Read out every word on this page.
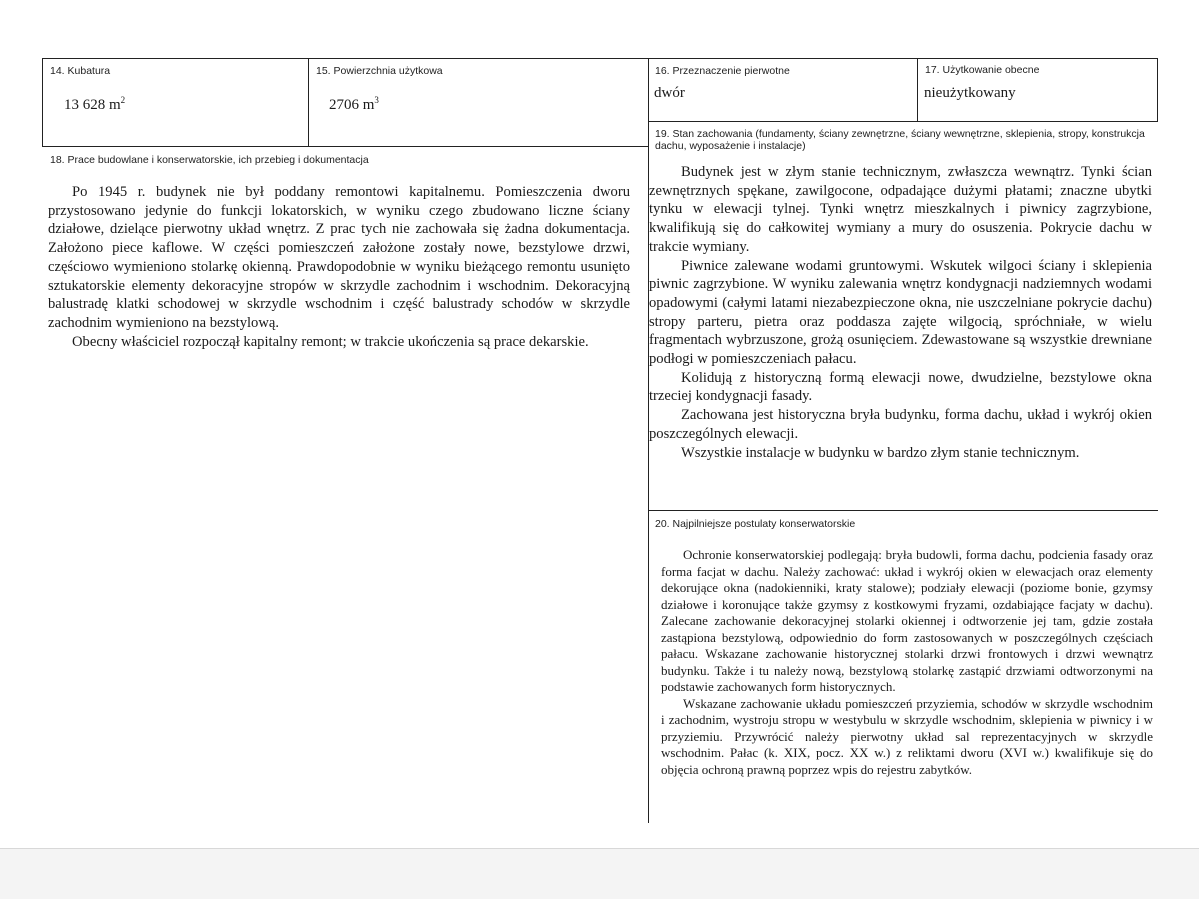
14. Kubatura
13 628 $m^2$
15. Powierzchnia użytkowa
2706 $m^3$
16. Przeznaczenie pierwotne
dwór
17. Użytkowanie obecne
nieużytkowany
18. Prace budowlane i konserwatorskie, ich przebieg i dokumentacja
Po 1945 r. budynek nie był poddany remontowi kapitalnemu. Pomieszczenia dworu przystosowano jedynie do funkcji lokatorskich, w wyniku czego zbudowano liczne ściany działowe, dzielące pierwotny układ wnętrz. Z prac tych nie zachowała się żadna dokumentacja. Założono piece kaflowe. W części pomieszczeń założone zostały nowe, bezstylowe drzwi, częściowo wymieniono stolarkę okienną. Prawdopodobnie w wyniku bieżącego remontu usunięto sztukatorskie elementy dekoracyjne stropów w skrzydle zachodnim i wschodnim. Dekoracyjną balustradę klatki schodowej w skrzydle wschodnim i część balustrady schodów w skrzydle zachodnim wymieniono na bezstylową.
Obecny właściciel rozpoczął kapitalny remont; w trakcie ukończenia są prace dekarskie.
19. Stan zachowania (fundamenty, ściany zewnętrzne, ściany wewnętrzne, sklepienia, stropy, konstrukcja dachu, wyposażenie i instalacje)
Budynek jest w złym stanie technicznym, zwłaszcza wewnątrz. Tynki ścian zewnętrznych spękane, zawilgocone, odpadające dużymi płatami; znaczne ubytki tynku w elewacji tylnej. Tynki wnętrz mieszkalnych i piwnicy zagrzybione, kwalifikują się do całkowitej wymiany a mury do osuszenia. Pokrycie dachu w trakcie wymiany.
Piwnice zalewane wodami gruntowymi. Wskutek wilgoci ściany i sklepienia piwnic zagrzybione. W wyniku zalewania wnętrz kondygnacji nadziemnych wodami opadowymi (całymi latami niezabezpieczone okna, nie uszczelniane pokrycie dachu) stropy parteru, pietra oraz poddasza zajęte wilgocią, spróchniałe, w wielu fragmentach wybrzuszone, grożą osunięciem. Zdewastowane są wszystkie drewniane podłogi w pomieszczeniach pałacu.
Kolidują z historyczną formą elewacji nowe, dwudzielne, bezstylowe okna trzeciej kondygnacji fasady.
Zachowana jest historyczna bryła budynku, forma dachu, układ i wykrój okien poszczególnych elewacji.
Wszystkie instalacje w budynku w bardzo złym stanie technicznym.
20. Najpilniejsze postulaty konserwatorskie
Ochronie konserwatorskiej podlegają: bryła budowli, forma dachu, podcienia fasady oraz forma facjat w dachu. Należy zachować: układ i wykrój okien w elewacjach oraz elementy dekorujące okna (nadokienniki, kraty stalowe); podziały elewacji (poziome bonie, gzymsy działowe i koronujące także gzymsy z kostkowymi fryzami, ozdabiające facjaty w dachu). Zalecane zachowanie dekoracyjnej stolarki okiennej i odtworzenie jej tam, gdzie została zastąpiona bezstylową, odpowiednio do form zastosowanych w poszczególnych częściach pałacu. Wskazane zachowanie historycznej stolarki drzwi frontowych i drzwi wewnątrz budynku. Także i tu należy nową, bezstylową stolarkę zastąpić drzwiami odtworzonymi na podstawie zachowanych form historycznych.
Wskazane zachowanie układu pomieszczeń przyziemia, schodów w skrzydle wschodnim i zachodnim, wystroju stropu w westybulu w skrzydle wschodnim, sklepienia w piwnicy i w przyziemiu. Przywrócić należy pierwotny układ sal reprezentacyjnych w skrzydle wschodnim. Pałac (k. XIX, pocz. XX w.) z reliktami dworu (XVI w.) kwalifikuje się do objęcia ochroną prawną poprzez wpis do rejestru zabytków.
